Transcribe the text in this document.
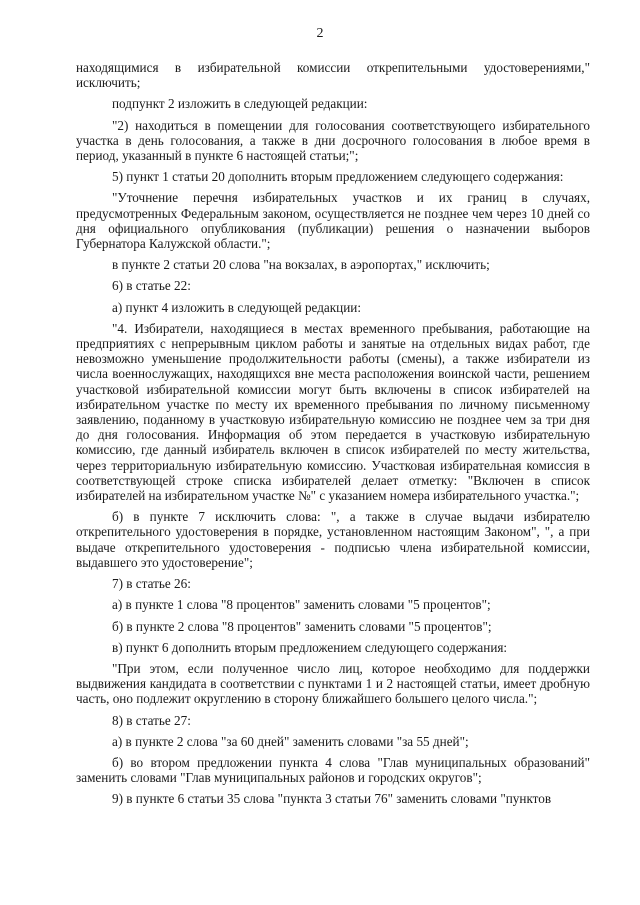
2

находящимися в избирательной комиссии открепительными удостоверениями," исключить;

подпункт 2 изложить в следующей редакции:

"2) находиться в помещении для голосования соответствующего избирательного участка в день голосования, а также в дни досрочного голосования в любое время в период, указанный в пункте 6 настоящей статьи;";

5) пункт 1 статьи 20 дополнить вторым предложением следующего содержания:

"Уточнение перечня избирательных участков и их границ в случаях, предусмотренных Федеральным законом, осуществляется не позднее чем через 10 дней со дня официального опубликования (публикации) решения о назначении выборов Губернатора Калужской области.";

в пункте 2 статьи 20 слова "на вокзалах, в аэропортах," исключить;

6) в статье 22:

а) пункт 4 изложить в следующей редакции:

"4. Избиратели, находящиеся в местах временного пребывания, работающие на предприятиях с непрерывным циклом работы и занятые на отдельных видах работ, где невозможно уменьшение продолжительности работы (смены), а также избиратели из числа военнослужащих, находящихся вне места расположения воинской части, решением участковой избирательной комиссии могут быть включены в список избирателей на избирательном участке по месту их временного пребывания по личному письменному заявлению, поданному в участковую избирательную комиссию не позднее чем за три дня до дня голосования. Информация об этом передается в участковую избирательную комиссию, где данный избиратель включен в список избирателей по месту жительства, через территориальную избирательную комиссию. Участковая избирательная комиссия в соответствующей строке списка избирателей делает отметку: "Включен в список избирателей на избирательном участке №" с указанием номера избирательного участка.";

б) в пункте 7 исключить слова: ", а также в случае выдачи избирателю открепительного удостоверения в порядке, установленном настоящим Законом", ", а при выдаче открепительного удостоверения - подписью члена избирательной комиссии, выдавшего это удостоверение";

7) в статье 26:

а) в пункте 1 слова "8 процентов" заменить словами "5 процентов";

б) в пункте 2 слова "8 процентов" заменить словами "5 процентов";

в) пункт 6 дополнить вторым предложением следующего содержания:

"При этом, если полученное число лиц, которое необходимо для поддержки выдвижения кандидата в соответствии с пунктами 1 и 2 настоящей статьи, имеет дробную часть, оно подлежит округлению в сторону ближайшего большего целого числа.";

8) в статье 27:

а) в пункте 2 слова "за 60 дней" заменить словами "за 55 дней";

б) во втором предложении пункта 4 слова "Глав муниципальных образований" заменить словами "Глав муниципальных районов и городских округов";

9) в пункте 6 статьи 35 слова "пункта 3 статьи 76" заменить словами "пунктов
